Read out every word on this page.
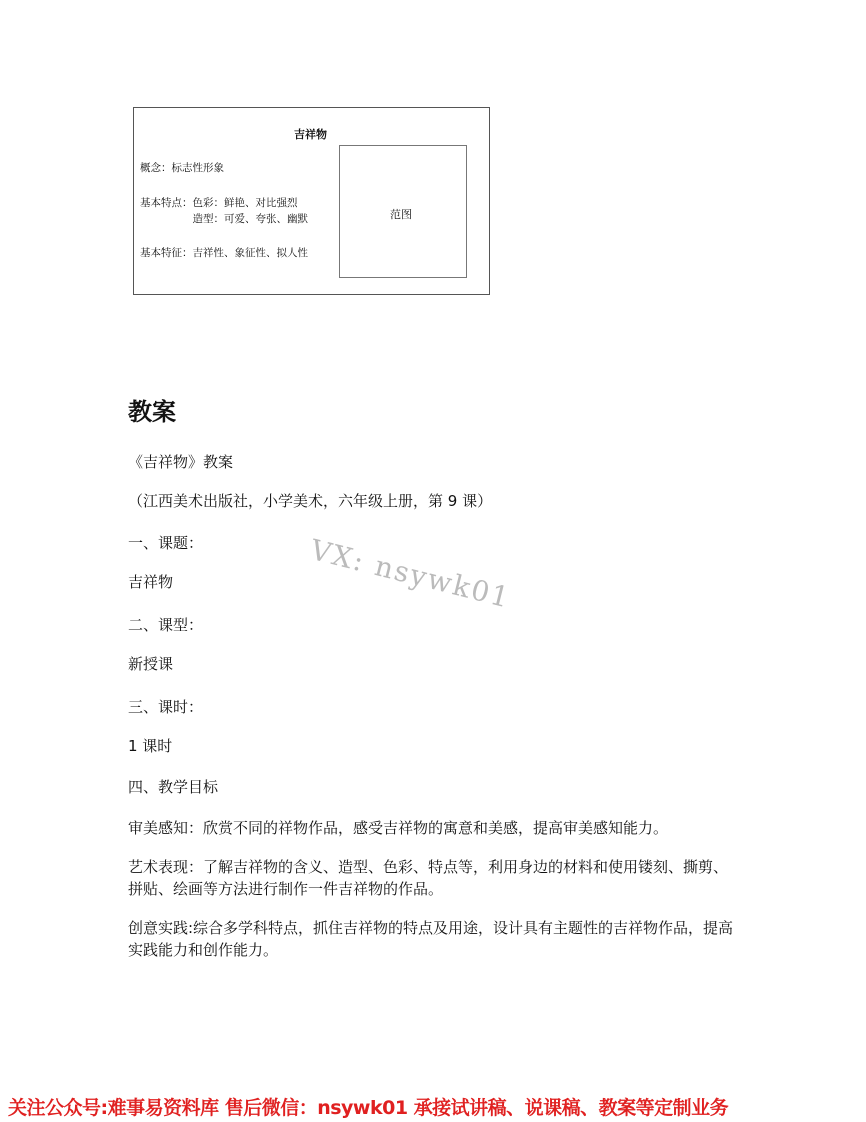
吉祥物
概念：标志性形象
基本特点：色彩：鲜艳、对比强烈
　　　　　造型：可爱、夸张、幽默
基本特征：吉祥性、象征性、拟人性
范图
教案
《吉祥物》教案
（江西美术出版社，小学美术，六年级上册，第 9 课）
一、课题：
吉祥物
二、课型：
新授课
三、课时：
1 课时
四、教学目标
审美感知：欣赏不同的祥物作品，感受吉祥物的寓意和美感，提高审美感知能力。
艺术表现：了解吉祥物的含义、造型、色彩、特点等，利用身边的材料和使用镂刻、撕剪、拼贴、绘画等方法进行制作一件吉祥物的作品。
创意实践:综合多学科特点，抓住吉祥物的特点及用途，设计具有主题性的吉祥物作品，提高实践能力和创作能力。
VX: nsywk01
关注公众号:难事易资料库 售后微信：nsywk01 承接试讲稿、说课稿、教案等定制业务
